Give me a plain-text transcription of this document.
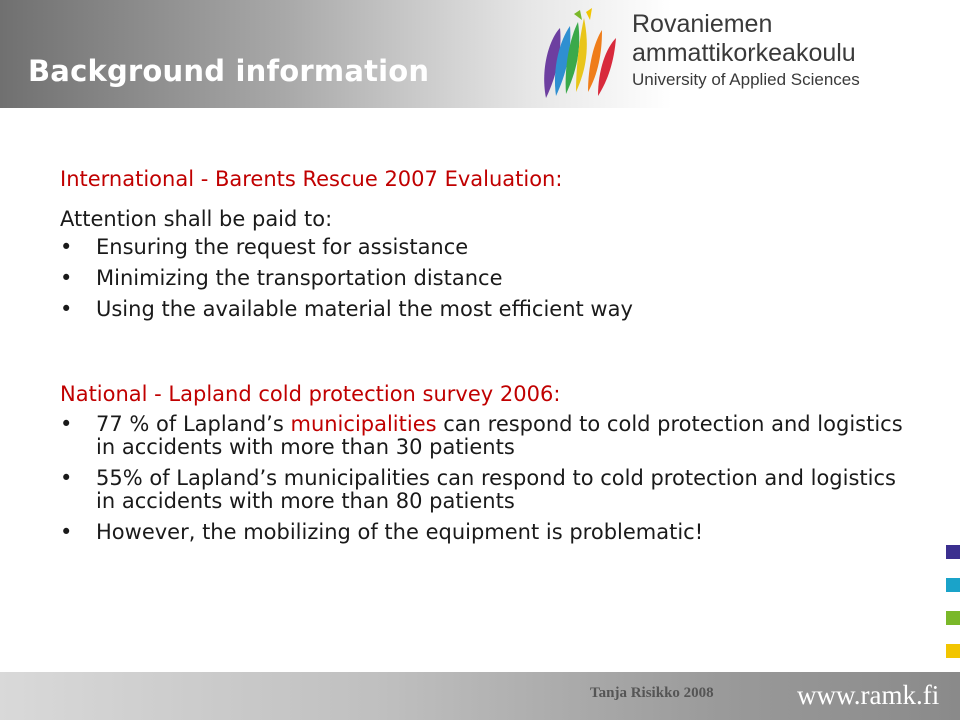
Background information
Rovaniemen
ammattikorkeakoulu
University of Applied Sciences
International - Barents Rescue 2007 Evaluation:
Attention shall be paid to:
• Ensuring the request for assistance
• Minimizing the transportation distance
• Using the available material the most efficient way
National - Lapland cold protection survey 2006:
• 77 % of Lapland’s municipalities can respond to cold protection and logistics in accidents with more than 30 patients
• 55% of Lapland’s municipalities can respond to cold protection and logistics in accidents with more than 80 patients
• However, the mobilizing of the equipment is problematic!
Tanja Risikko 2008	www.ramk.fi
